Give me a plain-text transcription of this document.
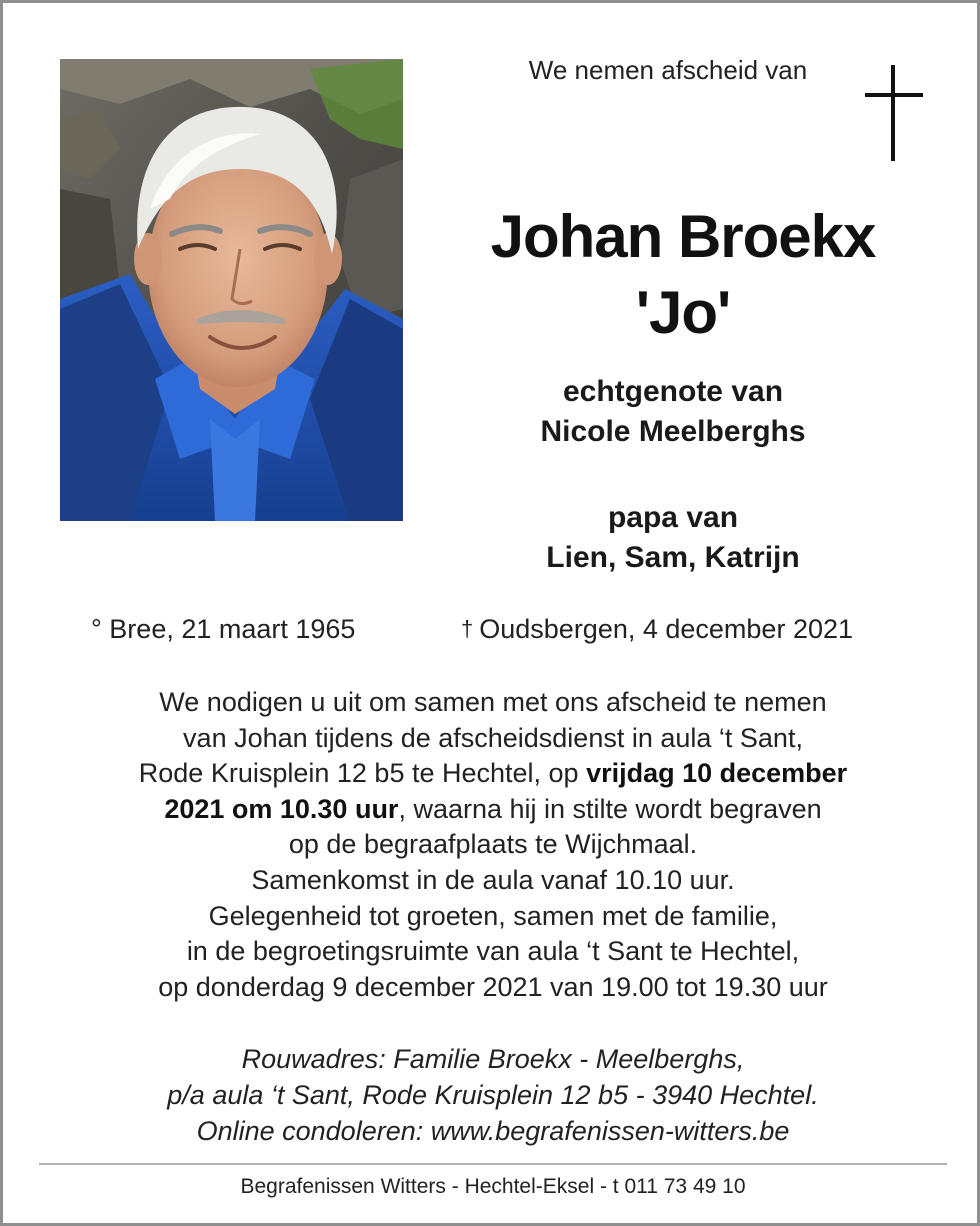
We nemen afscheid van
Johan Broekx
'Jo'
echtgenote van
Nicole Meelberghs
papa van
Lien, Sam, Katrijn
° Bree, 21 maart 1965	† Oudsbergen, 4 december 2021
We nodigen u uit om samen met ons afscheid te nemen
van Johan tijdens de afscheidsdienst in aula ‘t Sant,
Rode Kruisplein 12 b5 te Hechtel, op vrijdag 10 december
2021 om 10.30 uur, waarna hij in stilte wordt begraven
op de begraafplaats te Wijchmaal.
Samenkomst in de aula vanaf 10.10 uur.
Gelegenheid tot groeten, samen met de familie,
in de begroetingsruimte van aula ‘t Sant te Hechtel,
op donderdag 9 december 2021 van 19.00 tot 19.30 uur
Rouwadres: Familie Broekx - Meelberghs,
p/a aula ‘t Sant, Rode Kruisplein 12 b5 - 3940 Hechtel.
Online condoleren: www.begrafenissen-witters.be
Begrafenissen Witters - Hechtel-Eksel - t 011 73 49 10
